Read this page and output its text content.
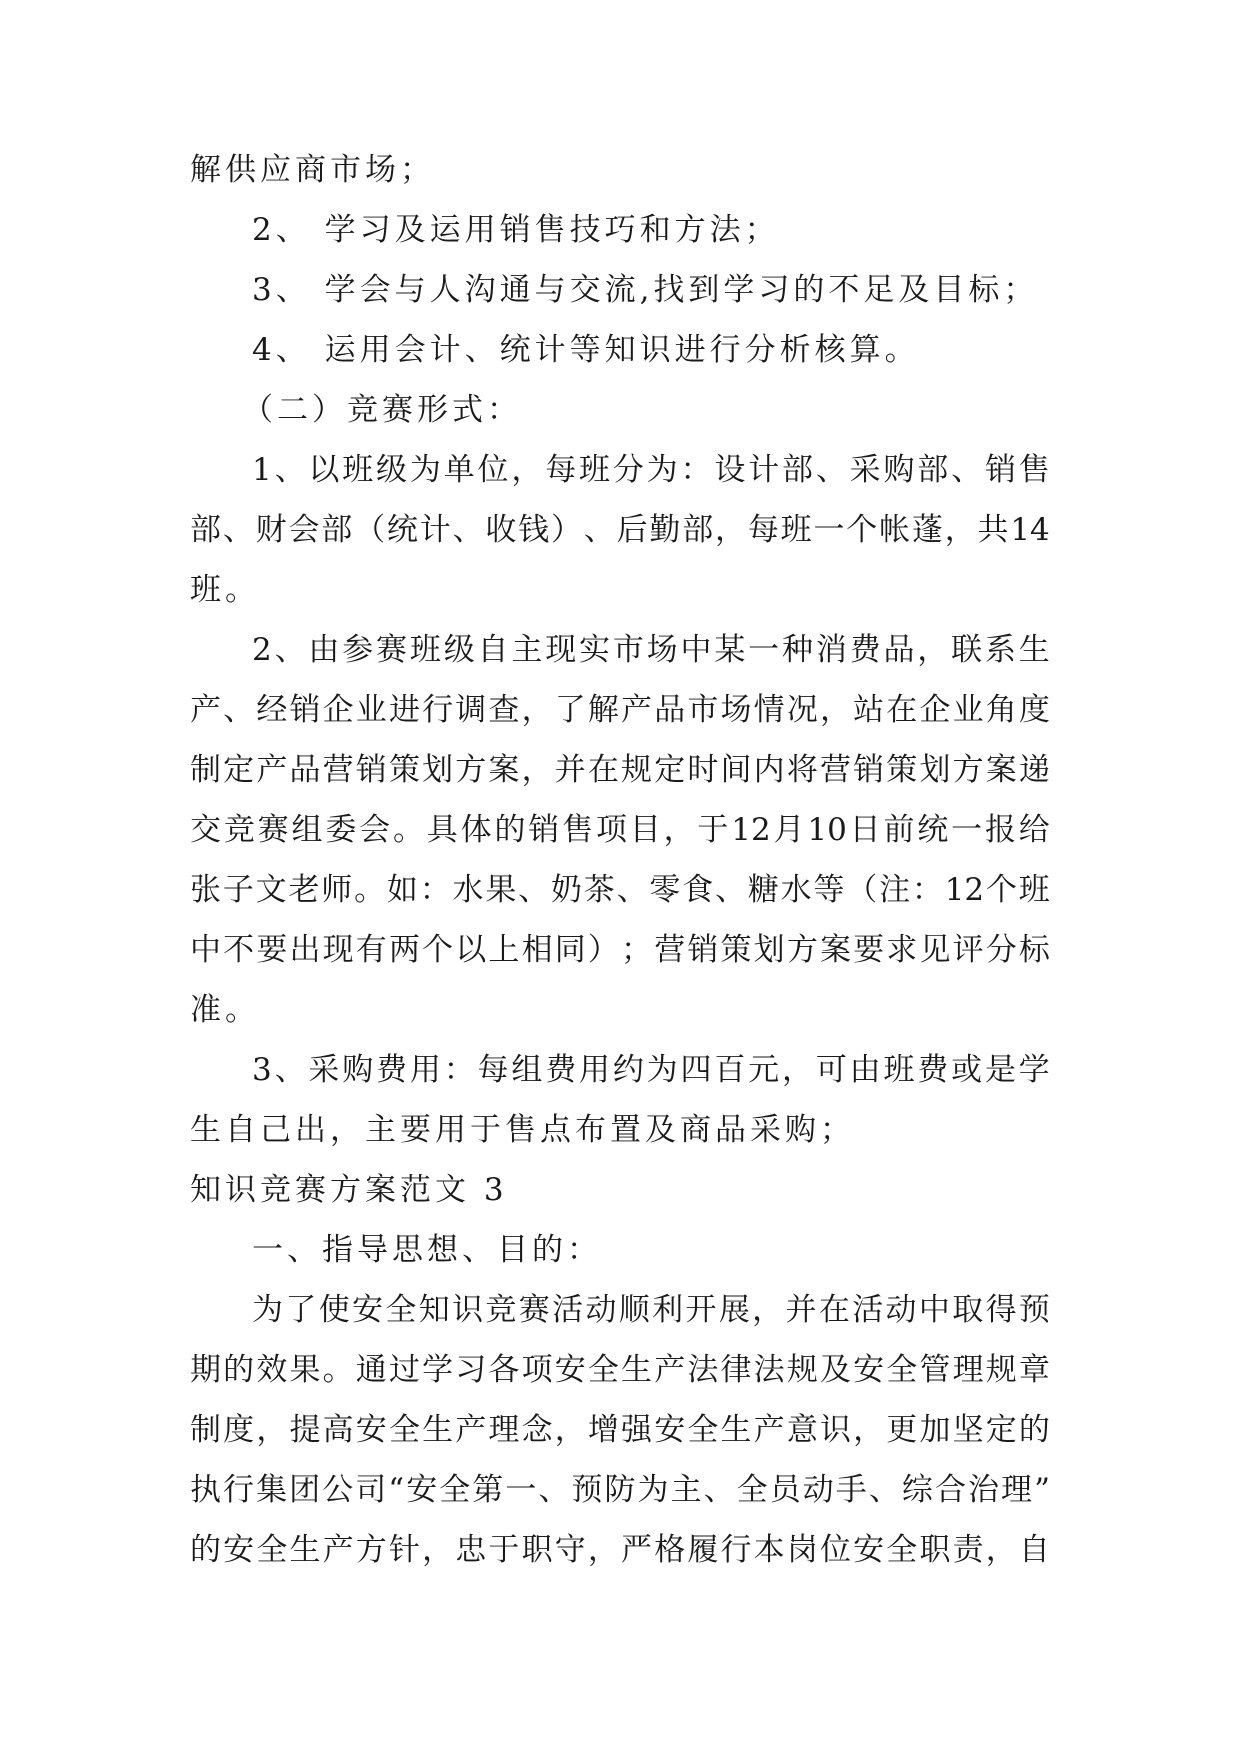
解供应商市场；
2、 学习及运用销售技巧和方法；
3、 学会与人沟通与交流,找到学习的不足及目标；
4、 运用会计、统计等知识进行分析核算。
（二）竞赛形式：
1 、 以 班 级 为 单 位 ， 每 班 分 为 ： 设 计 部 、 采 购 部 、 销 售
部 、 财 会 部 （ 统 计 、 收 钱 ） 、 后 勤 部 ， 每 班 一 个 帐 蓬 ， 共 14
班。
2 、 由 参 赛 班 级 自 主 现 实 市 场 中 某 一 种 消 费 品 ， 联 系 生
产 、 经 销 企 业 进 行 调 查 ， 了 解 产 品 市 场 情 况 ， 站 在 企 业 角 度
制 定 产 品 营 销 策 划 方 案 ， 并 在 规 定 时 间 内 将 营 销 策 划 方 案 递
交 竞 赛 组 委 会 。 具 体 的 销 售 项 目 ， 于 12 月 10 日 前 统 一 报 给
张 子 文 老 师 。 如 ： 水 果 、 奶 茶 、 零 食 、 糖 水 等 （ 注 ： 12 个 班
中 不 要 出 现 有 两 个 以 上 相 同 ） ； 营 销 策 划 方 案 要 求 见 评 分 标
准。
3 、 采 购 费 用 ： 每 组 费 用 约 为 四 百 元 ， 可 由 班 费 或 是 学
生自己出，主要用于售点布置及商品采购；
知识竞赛方案范文 3
一、指导思想、目的：
为 了 使 安 全 知 识 竞 赛 活 动 顺 利 开 展 ， 并 在 活 动 中 取 得 预
期 的 效 果 。 通 过 学 习 各 项 安 全 生 产 法 律 法 规 及 安 全 管 理 规 章
制 度 ， 提 高 安 全 生 产 理 念 ， 增 强 安 全 生 产 意 识 ， 更 加 坚 定 的
执 行 集 团 公 司 “ 安 全 第 一 、 预 防 为 主 、 全 员 动 手 、 综 合 治 理 ”
的 安 全 生 产 方 针 ， 忠 于 职 守 ， 严 格 履 行 本 岗 位 安 全 职 责 ， 自
